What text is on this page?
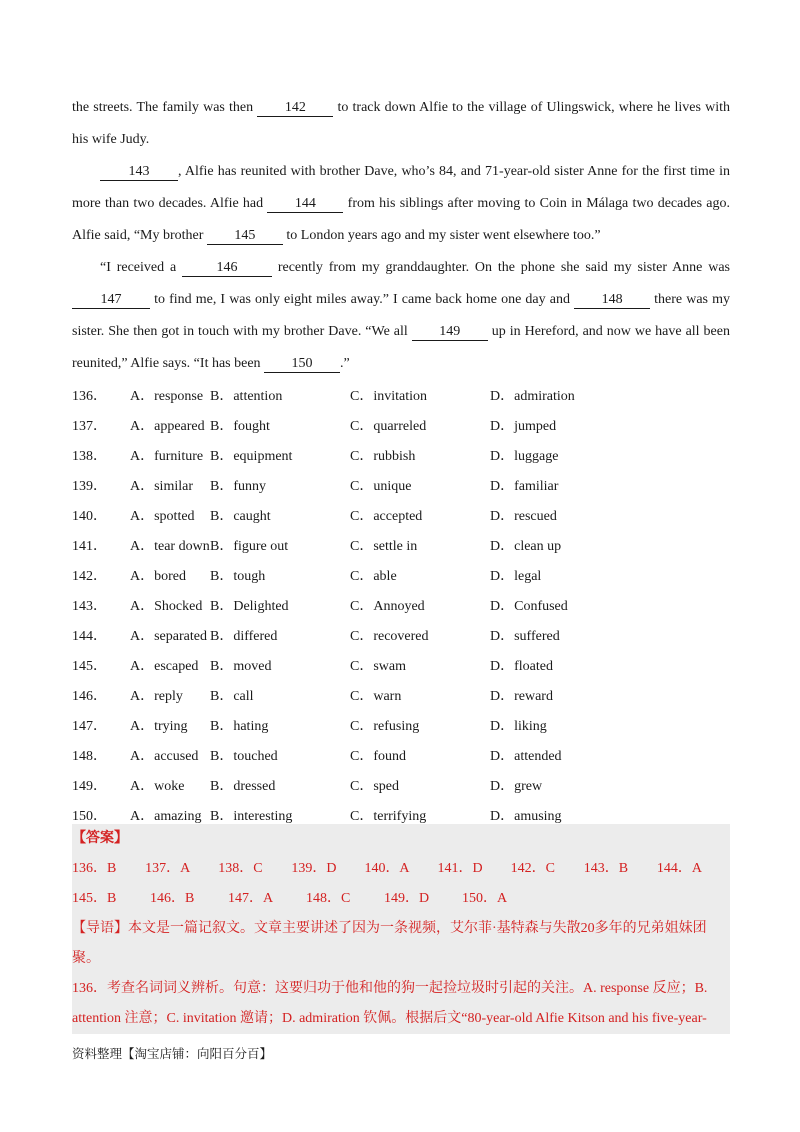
the streets. The family was then 142 to track down Alfie to the village of Ulingswick, where he lives with his wife Judy.

143 , Alfie has reunited with brother Dave, who’s 84, and 71-year-old sister Anne for the first time in more than two decades. Alfie had 144 from his siblings after moving to Coin in Málaga two decades ago. Alfie said, “My brother 145 to London years ago and my sister went elsewhere too.”

“I received a 146 recently from my granddaughter. On the phone she said my sister Anne was 147 to find me, I was only eight miles away.” I came back home one day and 148 there was my sister. She then got in touch with my brother Dave. “We all 149 up in Hereford, and now we have all been reunited,” Alfie says. “It has been 150 .”

136．	A．response B．attention	C．invitation	D．admiration
137．	A．appeared B．fought	C．quarreled	D．jumped
138．	A．furniture B．equipment	C．rubbish	D．luggage
139．	A．similar	B．funny	C．unique	D．familiar
140．	A．spotted	B．caught	C．accepted	D．rescued
141．	A．tear down B．figure out	C．settle in	D．clean up
142．	A．bored	B．tough	C．able	D．legal
143．	A．Shocked B．Delighted	C．Annoyed	D．Confused
144．	A．separated B．differed	C．recovered	D．suffered
145．	A．escaped B．moved	C．swam	D．floated
146．	A．reply	B．call	C．warn	D．reward
147．	A．trying	B．hating	C．refusing	D．liking
148．	A．accused B．touched	C．found	D．attended
149．	A．woke	B．dressed	C．sped	D．grew
150．	A．amazing B．interesting	C．terrifying	D．amusing
【答案】
136．B	137．A	138．C	139．D	140．A	141．D	142．C	143．B	144．A
145．B	146．B	147．A	148．C	149．D	150．A

【导语】本文是一篇记叙文。文章主要讲述了因为一条视频，艾尔菲·基特森与失散20多年的兄弟姐妹团聚。

136．考查名词词义辨析。句意：这要归功于他和他的狗一起捡垃圾时引起的关注。A. response 反应；B. attention 注意；C. invitation 邀请；D. admiration 钦佩。根据后文“80-year-old Alfie Kitson and his five-year-

资料整理【淘宝店铺：向阳百分百】
